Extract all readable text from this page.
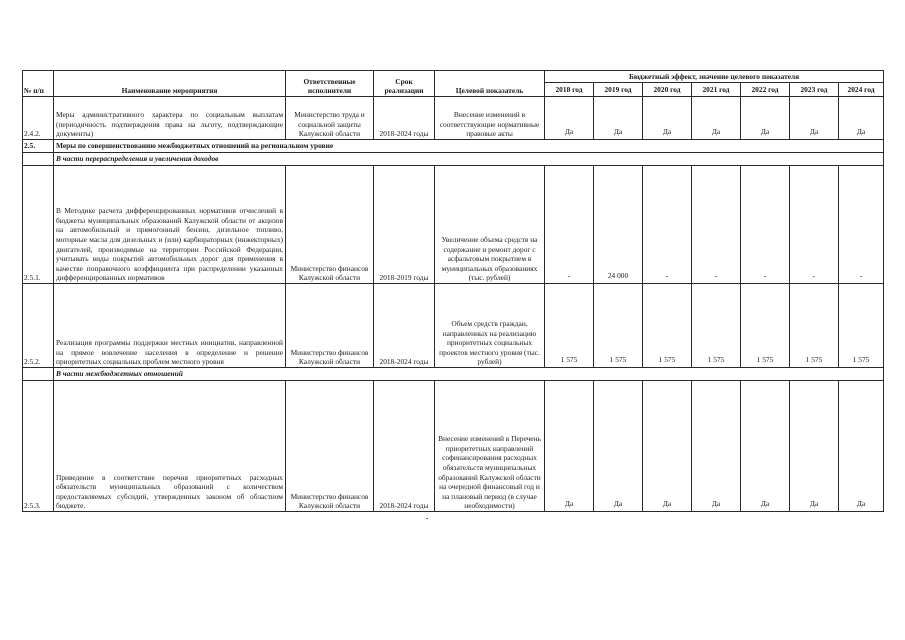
№ п/п	Наименование мероприятия	Ответственные исполнители	Срок реализации	Целевой показатель	Бюджетный эффект, значение целевого показателя						
					2018 год	2019 год	2020 год	2021 год	2022 год	2023 год	2024 год
2.4.2.	Меры административного характера по социальным выплатам (периодичность подтверждения права на льготу, подтверждающие документы)	Министерство труда и социальной защиты Калужской области	2018-2024 годы	Внесение изменений в соответствующие нормативные правовые акты	Да	Да	Да	Да	Да	Да	Да
2.5.	Меры по совершенствованию межбюджетных отношений на региональном уровне										
	В части перераспределения и увеличения доходов										
2.5.1.	В Методике расчета дифференцированных нормативов отчислений в бюджеты муниципальных образований Калужской области от акцизов на автомобильный и прямогонный бензин, дизельное топливо, моторные масла для дизельных и (или) карбюраторных (инжекторных) двигателей, производимые на территории Российской Федерации, учитывать виды покрытий автомобильных дорог для применения в качестве поправочного коэффициента при распределении указанных дифференцированных нормативов	Министерство финансов Калужской области	2018-2019 годы	Увеличение объема средств на содержание и ремонт дорог с асфальтовым покрытием в муниципальных образованиях (тыс. рублей)	-	24 000	-	-	-	-	-
2.5.2.	Реализация программы поддержки местных инициатив, направленной на прямое вовлечение населения в определение и решение приоритетных социальных проблем местного уровня	Министерство финансов Калужской области	2018-2024 годы	Объем средств граждан, направленных на реализацию приоритетных социальных проектов местного уровня (тыс. рублей)	1 575	1 575	1 575	1 575	1 575	1 575	1 575
	В части межбюджетных отношений										
2.5.3.	Приведение в соответствие перечня приоритетных расходных обязательств муниципальных образований с количеством предоставляемых субсидий, утвержденных законом об областном бюджете.	Министерство финансов Калужской области	2018-2024 годы	Внесение изменений в Перечень приоритетных направлений софинансирования расходных обязательств муниципальных образований Калужской области на очередной финансовый год и на плановый период (в случае необходимости)	Да	Да	Да	Да	Да	Да	Да
